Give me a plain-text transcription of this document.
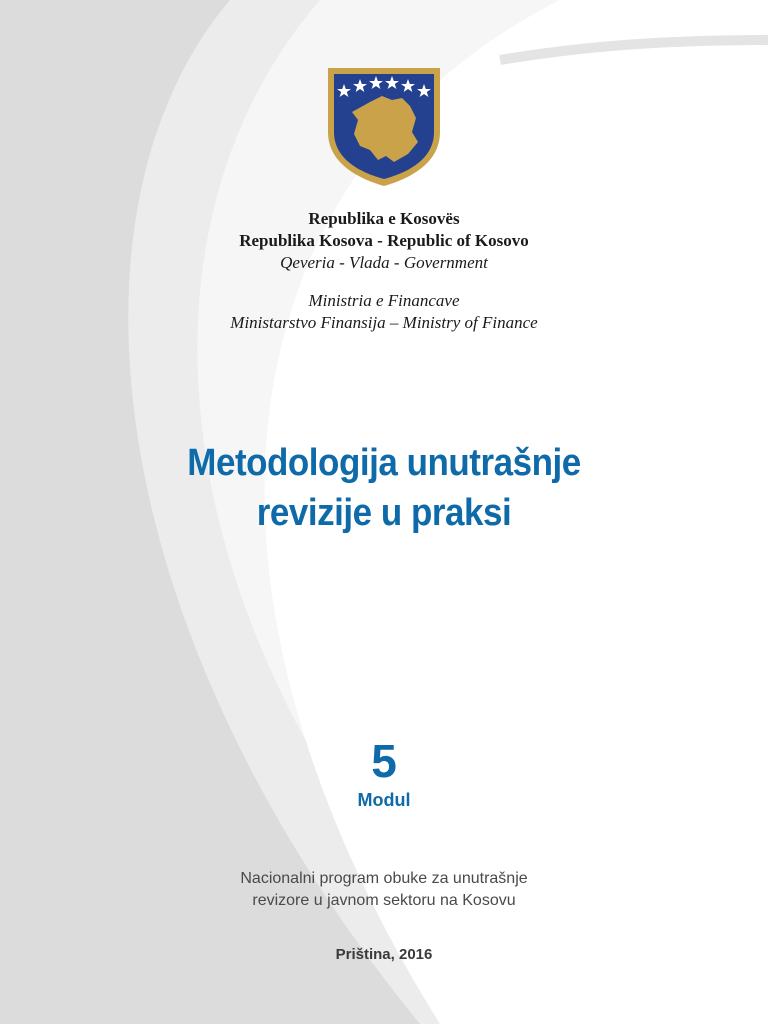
Republika e Kosovës
Republika Kosova - Republic of Kosovo
Qeveria - Vlada - Government
Ministria e Financave
Ministarstvo Finansija – Ministry of Finance
Metodologija unutrašnje
revizije u praksi
5
Modul
Nacionalni program obuke za unutrašnje
revizore u javnom sektoru na Kosovu
Priština, 2016
